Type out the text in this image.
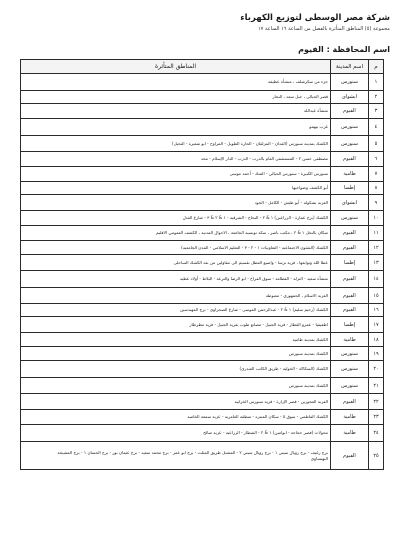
شركة مصر الوسطى لتوزيع الكهرباء
مجموعة (٥) المناطق المتأثرة بالفصل من الساعة ١٦ الساعة ١٧
اسم المحافظة : الفيوم
م	اسم المدينة	المناطق المتأثرة
١	سنورس	جزء من سكرشلف ، منشأة عطيفة

٢	ابشواى	قصر الجبالى ، جبل سعد ، النجار

٣	الفيوم	منشأة عبدالله

٤	سنورس	غرب بيهمو

٥	سنورس	الكشك بمدينة سنورس (الفدان - المزلقان - الحارة الطويل - المراوح - ابو شعيرة - النخيل)

٦	الفيوم	مصطفى حسن ٢ - المستشفى العام بالدرب - الدرب - الدار الإسلام - محد

٧	طامية	سنورس الكبيرة - سنورس الجبالي - الشك - أحمد موسى

٨	إطسا	أبو الكشف وضواحيها

٩	ابشواى	العزبة بشكولة - أبو طيش - الكامل - الجود

١٠	سنورس	الكشك (برج عمارة - الزراعين) ١ & ٢ - البحاج - الشرقية - ١ & ٢ & ٣ - شارع العدل

١١	الفيوم	سكان بالنخل ١ & ٢ ، مكتب ناصر ، سكة تونسية الجامعة ، الاحوال المدنية ، الكشف العمومي الاقليم

١٢	الفيوم	الكشك (الشئون الاجتماعية - التعاونيات ١ - ٢ - ٣ - التعليم الاسلامي - المدن الجامعية)

١٣	إطسا	عطا الله وتوابعها ، قرية ترسا - واصيع العطل تقسيم الى مقاولين من بعد الكشك الساحلى

١٤	الفيوم	منشأة سعيد - النزلة - الفطامة - سوق الفراخ - ابو الرضا والترعة - البلاط - أولاد عطيه

١٥	الفيوم	العزبة الاسلام ، الجمهوري - معبوطة

١٦	الفيوم	الكشك (رحيم سليم) ١ & ٢ - عبدالرحمن الموسى - شارع الصحراوى - برج المهندسين

١٧	إطسا	اطفيفيا - عمرو القطار - قرية الجبيل - مصانع طوب بقرية الجبيل - قرية مطرطار

١٨	طامية	الكشك بمدينة طامية

١٩	سنورس	الكشك بمدينة سنورس

٢٠	سنورس	الكشك (السكاكة - الخولية - طريق الكاتب العبدرى)

٢١	سنورس	الكشك بمدينة سنورس

٢٢	الفيوم	العزبة العجوزين - قصر الإزارة - قرية سنورس الخرابية

٢٣	طامية	الكشك الفاطمي - سوق ٥ - سكان المنتزه - منطقة العامرية - عزبة سمعة الخاصة

٢٤	طامية	محولات (قصر حجاجة - ابوامين) ١ & ٢ - الشطار - الزراعية - عزبة صالح

٢٥	الفيوم	برج رغيف - برج رويال سيتي ١ - برج رويال سيتي ٢ - المشتل طريق المثلث - برج ابو عمر - برج محمد سعيد - برج عثمان نور - برج الحسان ١ - برج المشيخة
البهنساوى
